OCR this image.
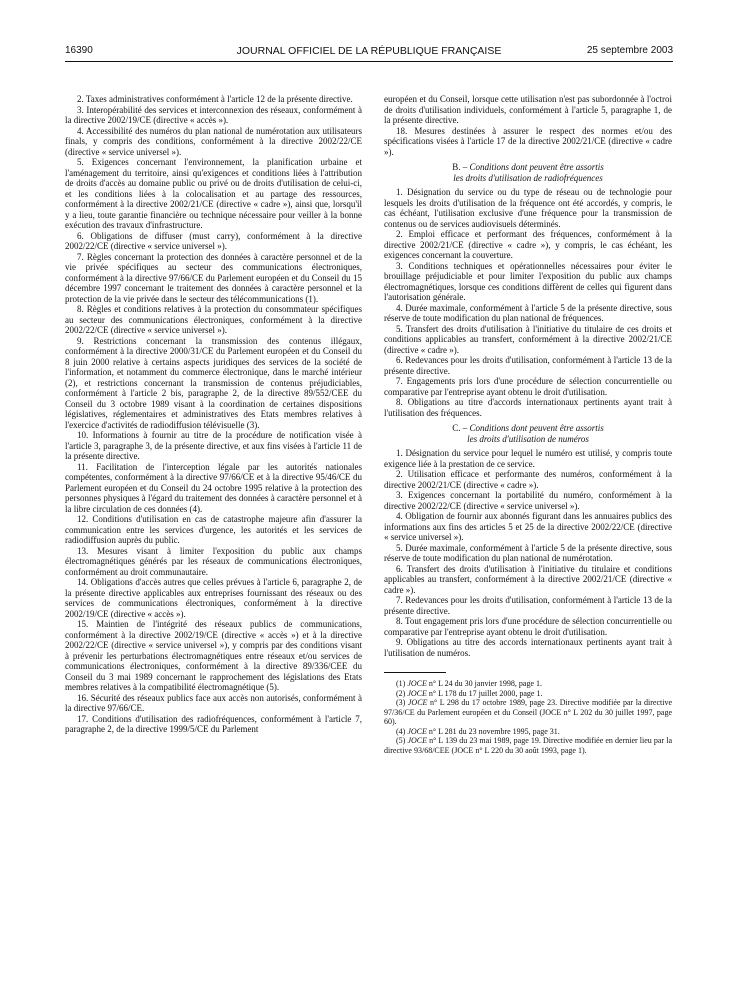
16390	JOURNAL OFFICIEL DE LA RÉPUBLIQUE FRANÇAISE	25 septembre 2003

2. Taxes administratives conformément à l'article 12 de la présente directive.

3. Interopérabilité des services et interconnexion des réseaux, conformément à la directive 2002/19/CE (directive « accès »).

4. Accessibilité des numéros du plan national de numérotation aux utilisateurs finals, y compris des conditions, conformément à la directive 2002/22/CE (directive « service universel »).

5. Exigences concernant l'environnement, la planification urbaine et l'aménagement du territoire, ainsi qu'exigences et conditions liées à l'attribution de droits d'accès au domaine public ou privé ou de droits d'utilisation de celui-ci, et les conditions liées à la colocalisation et au partage des ressources, conformément à la directive 2002/21/CE (directive « cadre »), ainsi que, lorsqu'il y a lieu, toute garantie financière ou technique nécessaire pour veiller à la bonne exécution des travaux d'infrastructure.

6. Obligations de diffuser (must carry), conformément à la directive 2002/22/CE (directive « service universel »).

7. Règles concernant la protection des données à caractère personnel et de la vie privée spécifiques au secteur des communications électroniques, conformément à la directive 97/66/CE du Parlement européen et du Conseil du 15 décembre 1997 concernant le traitement des données à caractère personnel et la protection de la vie privée dans le secteur des télécommunications (1).

8. Règles et conditions relatives à la protection du consommateur spécifiques au secteur des communications électroniques, conformément à la directive 2002/22/CE (directive « service universel »).

9. Restrictions concernant la transmission des contenus illégaux, conformément à la directive 2000/31/CE du Parlement européen et du Conseil du 8 juin 2000 relative à certains aspects juridiques des services de la société de l'information, et notamment du commerce électronique, dans le marché intérieur (2), et restrictions concernant la transmission de contenus préjudiciables, conformément à l'article 2 bis, paragraphe 2, de la directive 89/552/CEE du Conseil du 3 octobre 1989 visant à la coordination de certaines dispositions législatives, réglementaires et administratives des Etats membres relatives à l'exercice d'activités de radiodiffusion télévisuelle (3).

10. Informations à fournir au titre de la procédure de notification visée à l'article 3, paragraphe 3, de la présente directive, et aux fins visées à l'article 11 de la présente directive.

11. Facilitation de l'interception légale par les autorités nationales compétentes, conformément à la directive 97/66/CE et à la directive 95/46/CE du Parlement européen et du Conseil du 24 octobre 1995 relative à la protection des personnes physiques à l'égard du traitement des données à caractère personnel et à la libre circulation de ces données (4).

12. Conditions d'utilisation en cas de catastrophe majeure afin d'assurer la communication entre les services d'urgence, les autorités et les services de radiodiffusion auprès du public.

13. Mesures visant à limiter l'exposition du public aux champs électromagnétiques générés par les réseaux de communications électroniques, conformément au droit communautaire.

14. Obligations d'accès autres que celles prévues à l'article 6, paragraphe 2, de la présente directive applicables aux entreprises fournissant des réseaux ou des services de communications électroniques, conformément à la directive 2002/19/CE (directive « accès »).

15. Maintien de l'intégrité des réseaux publics de communications, conformément à la directive 2002/19/CE (directive « accès ») et à la directive 2002/22/CE (directive « service universel »), y compris par des conditions visant à prévenir les perturbations électromagnétiques entre réseaux et/ou services de communications électroniques, conformément à la directive 89/336/CEE du Conseil du 3 mai 1989 concernant le rapprochement des législations des Etats membres relatives à la compatibilité électromagnétique (5).

16. Sécurité des réseaux publics face aux accès non autorisés, conformément à la directive 97/66/CE.

17. Conditions d'utilisation des radiofréquences, conformément à l'article 7, paragraphe 2, de la directive 1999/5/CE du Parlement

européen et du Conseil, lorsque cette utilisation n'est pas subordonnée à l'octroi de droits d'utilisation individuels, conformément à l'article 5, paragraphe 1, de la présente directive.

18. Mesures destinées à assurer le respect des normes et/ou des spécifications visées à l'article 17 de la directive 2002/21/CE (directive « cadre »).

B. – Conditions dont peuvent être assortis
les droits d'utilisation de radiofréquences

1. Désignation du service ou du type de réseau ou de technologie pour lesquels les droits d'utilisation de la fréquence ont été accordés, y compris, le cas échéant, l'utilisation exclusive d'une fréquence pour la transmission de contenus ou de services audiovisuels déterminés.

2. Emploi efficace et performant des fréquences, conformément à la directive 2002/21/CE (directive « cadre »), y compris, le cas échéant, les exigences concernant la couverture.

3. Conditions techniques et opérationnelles nécessaires pour éviter le brouillage préjudiciable et pour limiter l'exposition du public aux champs électromagnétiques, lorsque ces conditions diffèrent de celles qui figurent dans l'autorisation générale.

4. Durée maximale, conformément à l'article 5 de la présente directive, sous réserve de toute modification du plan national de fréquences.

5. Transfert des droits d'utilisation à l'initiative du titulaire de ces droits et conditions applicables au transfert, conformément à la directive 2002/21/CE (directive « cadre »).

6. Redevances pour les droits d'utilisation, conformément à l'article 13 de la présente directive.

7. Engagements pris lors d'une procédure de sélection concurrentielle ou comparative par l'entreprise ayant obtenu le droit d'utilisation.

8. Obligations au titre d'accords internationaux pertinents ayant trait à l'utilisation des fréquences.

C. – Conditions dont peuvent être assortis
les droits d'utilisation de numéros

1. Désignation du service pour lequel le numéro est utilisé, y compris toute exigence liée à la prestation de ce service.

2. Utilisation efficace et performante des numéros, conformément à la directive 2002/21/CE (directive « cadre »).

3. Exigences concernant la portabilité du numéro, conformément à la directive 2002/22/CE (directive « service universel »).

4. Obligation de fournir aux abonnés figurant dans les annuaires publics des informations aux fins des articles 5 et 25 de la directive 2002/22/CE (directive « service universel »).

5. Durée maximale, conformément à l'article 5 de la présente directive, sous réserve de toute modification du plan national de numérotation.

6. Transfert des droits d'utilisation à l'initiative du titulaire et conditions applicables au transfert, conformément à la directive 2002/21/CE (directive « cadre »).

7. Redevances pour les droits d'utilisation, conformément à l'article 13 de la présente directive.

8. Tout engagement pris lors d'une procédure de sélection concurrentielle ou comparative par l'entreprise ayant obtenu le droit d'utilisation.

9. Obligations au titre des accords internationaux pertinents ayant trait à l'utilisation de numéros.

(1) JOCE n° L 24 du 30 janvier 1998, page 1.

(2) JOCE n° L 178 du 17 juillet 2000, page 1.

(3) JOCE n° L 298 du 17 octobre 1989, page 23. Directive modifiée par la directive 97/36/CE du Parlement européen et du Conseil (JOCE n° L 202 du 30 juillet 1997, page 60).

(4) JOCE n° L 281 du 23 novembre 1995, page 31.

(5) JOCE n° L 139 du 23 mai 1989, page 19. Directive modifiée en dernier lieu par la directive 93/68/CEE (JOCE n° L 220 du 30 août 1993, page 1).
